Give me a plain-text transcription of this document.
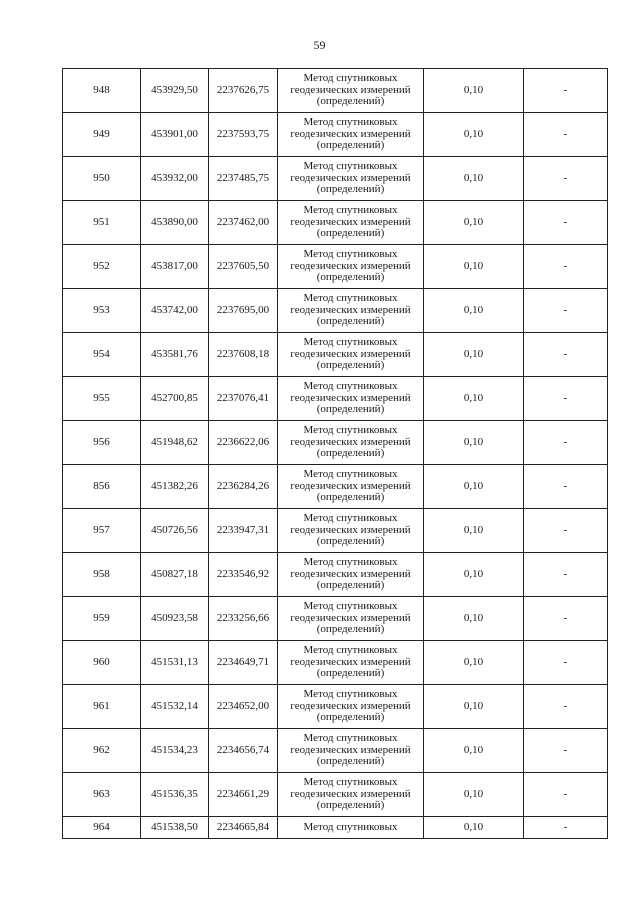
59
948	453929,50	2237626,75	Метод спутниковых геодезических измерений (определений)	0,10	-
949	453901,00	2237593,75	Метод спутниковых геодезических измерений (определений)	0,10	-
950	453932,00	2237485,75	Метод спутниковых геодезических измерений (определений)	0,10	-
951	453890,00	2237462,00	Метод спутниковых геодезических измерений (определений)	0,10	-
952	453817,00	2237605,50	Метод спутниковых геодезических измерений (определений)	0,10	-
953	453742,00	2237695,00	Метод спутниковых геодезических измерений (определений)	0,10	-
954	453581,76	2237608,18	Метод спутниковых геодезических измерений (определений)	0,10	-
955	452700,85	2237076,41	Метод спутниковых геодезических измерений (определений)	0,10	-
956	451948,62	2236622,06	Метод спутниковых геодезических измерений (определений)	0,10	-
856	451382,26	2236284,26	Метод спутниковых геодезических измерений (определений)	0,10	-
957	450726,56	2233947,31	Метод спутниковых геодезических измерений (определений)	0,10	-
958	450827,18	2233546,92	Метод спутниковых геодезических измерений (определений)	0,10	-
959	450923,58	2233256,66	Метод спутниковых геодезических измерений (определений)	0,10	-
960	451531,13	2234649,71	Метод спутниковых геодезических измерений (определений)	0,10	-
961	451532,14	2234652,00	Метод спутниковых геодезических измерений (определений)	0,10	-
962	451534,23	2234656,74	Метод спутниковых геодезических измерений (определений)	0,10	-
963	451536,35	2234661,29	Метод спутниковых геодезических измерений (определений)	0,10	-
964	451538,50	2234665,84	Метод спутниковых	0,10	-
